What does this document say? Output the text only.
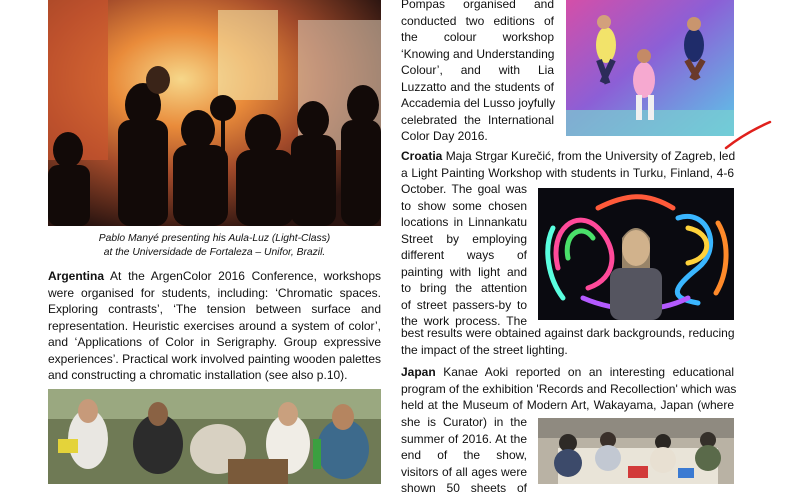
Pablo Manyé presenting his Aula-Luz (Light-Class)
at the Universidade de Fortaleza – Unifor, Brazil.
Argentina At the ArgenColor 2016 Conference, workshops
were organised for students, including: ‘Chromatic spaces.
Exploring contrasts’, ‘The tension between surface and
representation. Heuristic exercises around a system of color’,
and ‘Applications of Color in Serigraphy. Group expressive
experiences’. Practical work involved painting wooden palettes
and constructing a chromatic installation (see also p.10).
Pompas organised and
conducted two editions of
the colour workshop
‘Knowing and Understanding
Colour’, and with Lia
Luzzatto and the students of
Accademia del Lusso joyfully
celebrated the International
Color Day 2016.
Croatia Maja Strgar Kurečić, from the University of Zagreb, led
a Light Painting Workshop with students in Turku, Finland, 4-6
October. The goal was
to show some chosen
locations in Linnankatu
Street by employing
different ways of
painting with light and
to bring the attention
of street passers-by to
the work process. The
best results were obtained against dark backgrounds, reducing
the impact of the street lighting.
Japan Kanae Aoki reported on an interesting educational
program of the exhibition 'Records and Recollection' which was
held at the Museum of Modern Art, Wakayama, Japan (where
she is Curator) in the
summer of 2016. At the
end of the show,
visitors of all ages were
shown 50 sheets of
